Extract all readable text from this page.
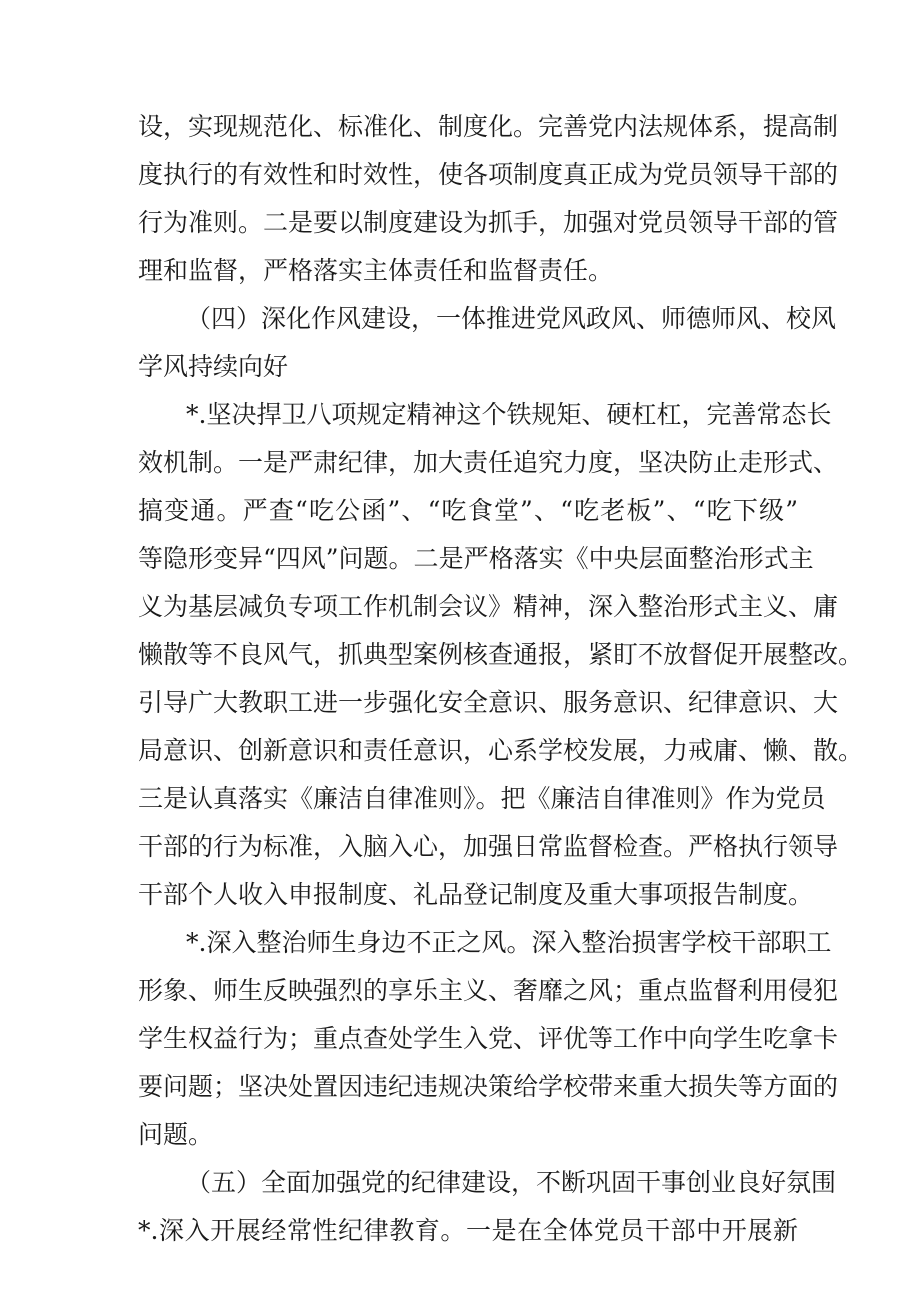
设，实现规范化、标准化、制度化。完善党内法规体系，提高制
度执行的有效性和时效性，使各项制度真正成为党员领导干部的
行为准则。二是要以制度建设为抓手，加强对党员领导干部的管
理和监督，严格落实主体责任和监督责任。
（四）深化作风建设，一体推进党风政风、师德师风、校风
学风持续向好
*.坚决捍卫八项规定精神这个铁规矩、硬杠杠，完善常态长
效机制。一是严肃纪律，加大责任追究力度，坚决防止走形式、
搞变通。严查“吃公函”、“吃食堂”、“吃老板”、“吃下级”
等隐形变异“四风”问题。二是严格落实《中央层面整治形式主
义为基层减负专项工作机制会议》精神，深入整治形式主义、庸
懒散等不良风气，抓典型案例核查通报，紧盯不放督促开展整改。
引导广大教职工进一步强化安全意识、服务意识、纪律意识、大
局意识、创新意识和责任意识，心系学校发展，力戒庸、懒、散。
三是认真落实《廉洁自律准则》。把《廉洁自律准则》作为党员
干部的行为标准，入脑入心，加强日常监督检查。严格执行领导
干部个人收入申报制度、礼品登记制度及重大事项报告制度。
*.深入整治师生身边不正之风。深入整治损害学校干部职工
形象、师生反映强烈的享乐主义、奢靡之风；重点监督利用侵犯
学生权益行为；重点查处学生入党、评优等工作中向学生吃拿卡
要问题；坚决处置因违纪违规决策给学校带来重大损失等方面的
问题。
（五）全面加强党的纪律建设，不断巩固干事创业良好氛围
*.深入开展经常性纪律教育。一是在全体党员干部中开展新
